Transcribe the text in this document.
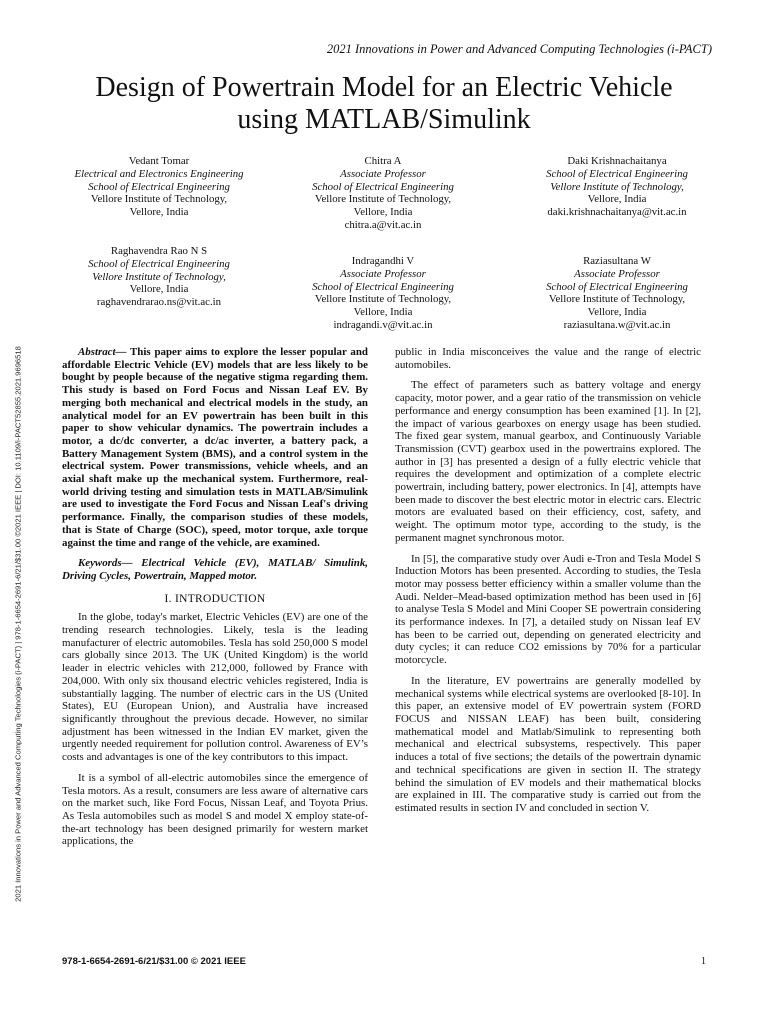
2021 Innovations in Power and Advanced Computing Technologies (i-PACT)
Design of Powertrain Model for an Electric Vehicle
using MATLAB/Simulink
Vedant Tomar
Electrical and Electronics Engineering
School of Electrical Engineering
Vellore Institute of Technology,
Vellore, India
Chitra A
Associate Professor
School of Electrical Engineering
Vellore Institute of Technology,
Vellore, India
chitra.a@vit.ac.in
Daki Krishnachaitanya
School of Electrical Engineering
Vellore Institute of Technology,
Vellore, India
daki.krishnachaitanya@vit.ac.in
Raghavendra Rao N S
School of Electrical Engineering
Vellore Institute of Technology,
Vellore, India
raghavendrarao.ns@vit.ac.in
Indragandhi V
Associate Professor
School of Electrical Engineering
Vellore Institute of Technology,
Vellore, India
indragandi.v@vit.ac.in
Raziasultana W
Associate Professor
School of Electrical Engineering
Vellore Institute of Technology,
Vellore, India
raziasultana.w@vit.ac.in

Abstract— This paper aims to explore the lesser popular and affordable Electric Vehicle (EV) models that are less likely to be bought by people because of the negative stigma regarding them. This study is based on Ford Focus and Nissan Leaf EV. By merging both mechanical and electrical models in the study, an analytical model for an EV powertrain has been built in this paper to show vehicular dynamics. The powertrain includes a motor, a dc/dc converter, a dc/ac inverter, a battery pack, a Battery Management System (BMS), and a control system in the electrical system. Power transmissions, vehicle wheels, and an axial shaft make up the mechanical system. Furthermore, real-world driving testing and simulation tests in MATLAB/Simulink are used to investigate the Ford Focus and Nissan Leaf's driving performance. Finally, the comparison studies of these models, that is State of Charge (SOC), speed, motor torque, axle torque against the time and range of the vehicle, are examined.

Keywords— Electrical Vehicle (EV), MATLAB/ Simulink, Driving Cycles, Powertrain, Mapped motor.

I. INTRODUCTION

In the globe, today's market, Electric Vehicles (EV) are one of the trending research technologies. Likely, tesla is the leading manufacturer of electric automobiles. Tesla has sold 250,000 S model cars globally since 2013. The UK (United Kingdom) is the world leader in electric vehicles with 212,000, followed by France with 204,000. With only six thousand electric vehicles registered, India is substantially lagging. The number of electric cars in the US (United States), EU (European Union), and Australia have increased significantly throughout the previous decade. However, no similar adjustment has been witnessed in the Indian EV market, given the urgently needed requirement for pollution control. Awareness of EV’s costs and advantages is one of the key contributors to this impact.

It is a symbol of all-electric automobiles since the emergence of Tesla motors. As a result, consumers are less aware of alternative cars on the market such, like Ford Focus, Nissan Leaf, and Toyota Prius. As Tesla automobiles such as model S and model X employ state-of-the-art technology has been designed primarily for western market applications, the

public in India misconceives the value and the range of electric automobiles.

The effect of parameters such as battery voltage and energy capacity, motor power, and a gear ratio of the transmission on vehicle performance and energy consumption has been examined [1]. In [2], the impact of various gearboxes on energy usage has been studied. The fixed gear system, manual gearbox, and Continuously Variable Transmission (CVT) gearbox used in the powertrains explored. The author in [3] has presented a design of a fully electric vehicle that requires the development and optimization of a complete electric powertrain, including battery, power electronics. In [4], attempts have been made to discover the best electric motor in electric cars. Electric motors are evaluated based on their efficiency, cost, safety, and weight. The optimum motor type, according to the study, is the permanent magnet synchronous motor.

In [5], the comparative study over Audi e-Tron and Tesla Model S Induction Motors has been presented. According to studies, the Tesla motor may possess better efficiency within a smaller volume than the Audi. Nelder–Mead-based optimization method has been used in [6] to analyse Tesla S Model and Mini Cooper SE powertrain considering its performance indexes. In [7], a detailed study on Nissan leaf EV has been to be carried out, depending on generated electricity and duty cycles; it can reduce CO2 emissions by 70% for a particular motorcycle.

In the literature, EV powertrains are generally modelled by mechanical systems while electrical systems are overlooked [8-10]. In this paper, an extensive model of EV powertrain system (FORD FOCUS and NISSAN LEAF) has been built, considering mathematical model and Matlab/Simulink to representing both mechanical and electrical subsystems, respectively. This paper induces a total of five sections; the details of the powertrain dynamic and technical specifications are given in section II. The strategy behind the simulation of EV models and their mathematical blocks are explained in III. The comparative study is carried out from the estimated results in section IV and concluded in section V.

2021 Innovations in Power and Advanced Computing Technologies (i-PACT) | 978-1-6654-2691-6/21/$31.00 ©2021 IEEE | DOI: 10.1109/i-PACT52855.2021.9696518
978-1-6654-2691-6/21/$31.00 © 2021 IEEE	1
